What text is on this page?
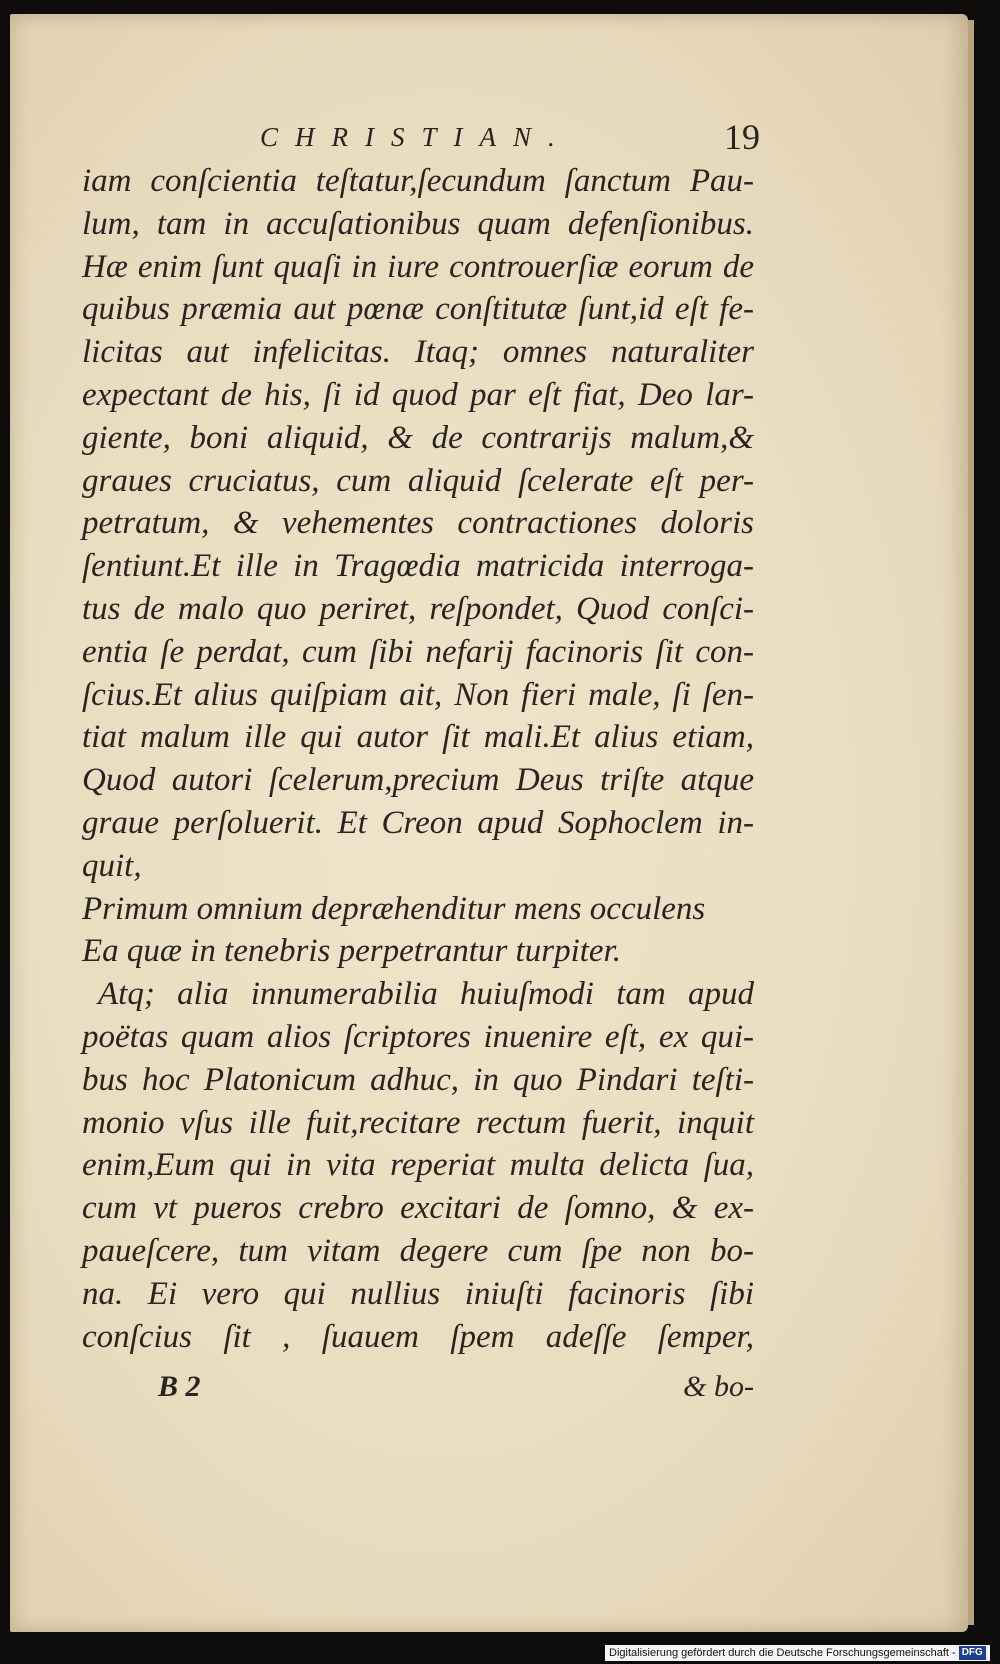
CHRISTIAN.	19
iam conſcientia teſtatur,ſecundum ſanctum Pau-
lum, tam in accuſationibus quam defenſionibus.
Hæ enim ſunt quaſi in iure controuerſiæ eorum de
quibus præmia aut pœnæ conſtitutæ ſunt,id eſt fe-
licitas aut infelicitas. Itaq; omnes naturaliter
expectant de his, ſi id quod par eſt fiat, Deo lar-
giente, boni aliquid, & de contrarijs malum,&
graues cruciatus, cum aliquid ſcelerate eſt per-
petratum, & vehementes contractiones doloris
ſentiunt.Et ille in Tragœdia matricida interroga-
tus de malo quo periret, reſpondet, Quod conſci-
entia ſe perdat, cum ſibi nefarij facinoris ſit con-
ſcius.Et alius quiſpiam ait, Non fieri male, ſi ſen-
tiat malum ille qui autor ſit mali.Et alius etiam,
Quod autori ſcelerum,precium Deus triſte atque
graue perſoluerit. Et Creon apud Sophoclem in-
quit,
Primum omnium depræhenditur mens occulens
Ea quæ in tenebris perpetrantur turpiter.
Atq; alia innumerabilia huiuſmodi tam apud
poëtas quam alios ſcriptores inuenire eſt, ex qui-
bus hoc Platonicum adhuc, in quo Pindari teſti-
monio vſus ille fuit,recitare rectum fuerit, inquit
enim,Eum qui in vita reperiat multa delicta ſua,
cum vt pueros crebro excitari de ſomno, & ex-
pauеſcere, tum vitam degere cum ſpe non bo-
na. Ei vero qui nullius iniuſti facinoris ſibi
conſcius ſit , ſuauem ſpem adeſſe ſemper,
B 2	& bo-
Digitalisierung gefördert durch die Deutsche Forschungsgemeinschaft - DFG
